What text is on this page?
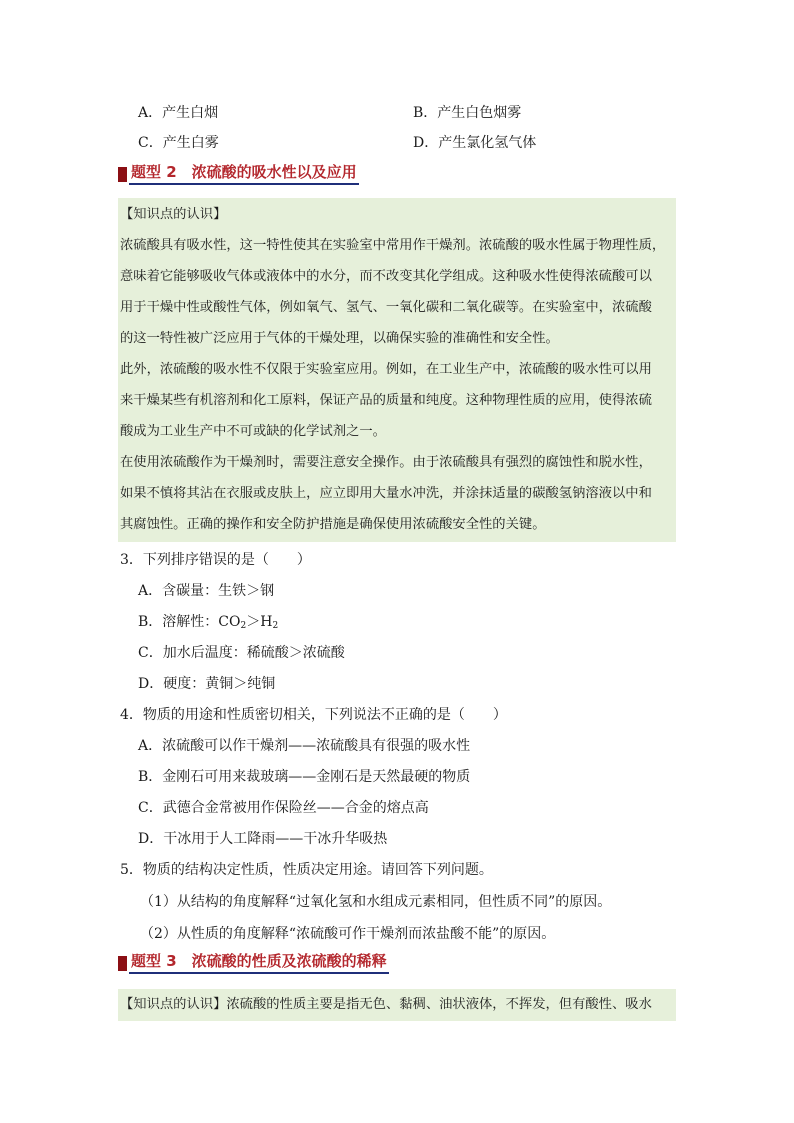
A．产生白烟	B．产生白色烟雾
C．产生白雾	D．产生氯化氢气体
题型 2　浓硫酸的吸水性以及应用
【知识点的认识】
浓硫酸具有吸水性，这一特性使其在实验室中常用作干燥剂。浓硫酸的吸水性属于物理性质，
意味着它能够吸收气体或液体中的水分，而不改变其化学组成。这种吸水性使得浓硫酸可以
用于干燥中性或酸性气体，例如氧气、氢气、一氧化碳和二氧化碳等。在实验室中，浓硫酸
的这一特性被广泛应用于气体的干燥处理，以确保实验的准确性和安全性。
此外，浓硫酸的吸水性不仅限于实验室应用。例如，在工业生产中，浓硫酸的吸水性可以用
来干燥某些有机溶剂和化工原料，保证产品的质量和纯度。这种物理性质的应用，使得浓硫
酸成为工业生产中不可或缺的化学试剂之一。
在使用浓硫酸作为干燥剂时，需要注意安全操作。由于浓硫酸具有强烈的腐蚀性和脱水性，
如果不慎将其沾在衣服或皮肤上，应立即用大量水冲洗，并涂抹适量的碳酸氢钠溶液以中和
其腐蚀性。正确的操作和安全防护措施是确保使用浓硫酸安全性的关键。
3．下列排序错误的是（　　）
A．含碳量：生铁＞钢
B．溶解性：$CO_2>H_2$
C．加水后温度：稀硫酸＞浓硫酸
D．硬度：黄铜＞纯铜
4．物质的用途和性质密切相关，下列说法不正确的是（　　）
A．浓硫酸可以作干燥剂——浓硫酸具有很强的吸水性
B．金刚石可用来裁玻璃——金刚石是天然最硬的物质
C．武德合金常被用作保险丝——合金的熔点高
D．干冰用于人工降雨——干冰升华吸热
5．物质的结构决定性质，性质决定用途。请回答下列问题。
（1）从结构的角度解释“过氧化氢和水组成元素相同，但性质不同”的原因。
（2）从性质的角度解释“浓硫酸可作干燥剂而浓盐酸不能”的原因。
题型 3　浓硫酸的性质及浓硫酸的稀释
【知识点的认识】浓硫酸的性质主要是指无色、黏稠、油状液体，不挥发，但有酸性、吸水
